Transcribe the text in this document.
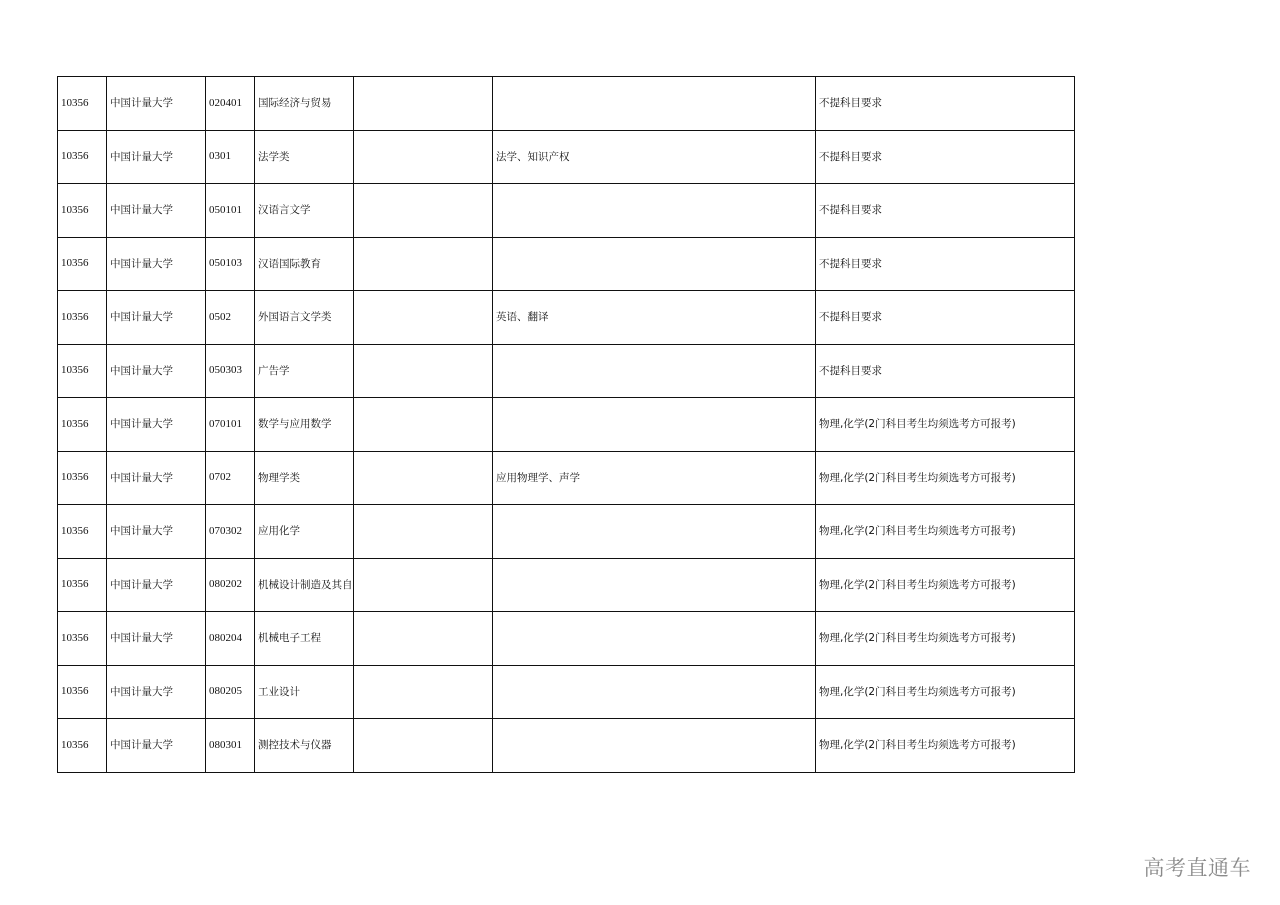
10356	中国计量大学	020401	国际经济与贸易			不提科目要求
10356	中国计量大学	0301	法学类		法学、知识产权	不提科目要求
10356	中国计量大学	050101	汉语言文学			不提科目要求
10356	中国计量大学	050103	汉语国际教育			不提科目要求
10356	中国计量大学	0502	外国语言文学类		英语、翻译	不提科目要求
10356	中国计量大学	050303	广告学			不提科目要求
10356	中国计量大学	070101	数学与应用数学			物理,化学(2门科目考生均须选考方可报考)
10356	中国计量大学	0702	物理学类		应用物理学、声学	物理,化学(2门科目考生均须选考方可报考)
10356	中国计量大学	070302	应用化学			物理,化学(2门科目考生均须选考方可报考)
10356	中国计量大学	080202	机械设计制造及其自			物理,化学(2门科目考生均须选考方可报考)
10356	中国计量大学	080204	机械电子工程			物理,化学(2门科目考生均须选考方可报考)
10356	中国计量大学	080205	工业设计			物理,化学(2门科目考生均须选考方可报考)
10356	中国计量大学	080301	测控技术与仪器			物理,化学(2门科目考生均须选考方可报考)
高考直通车
